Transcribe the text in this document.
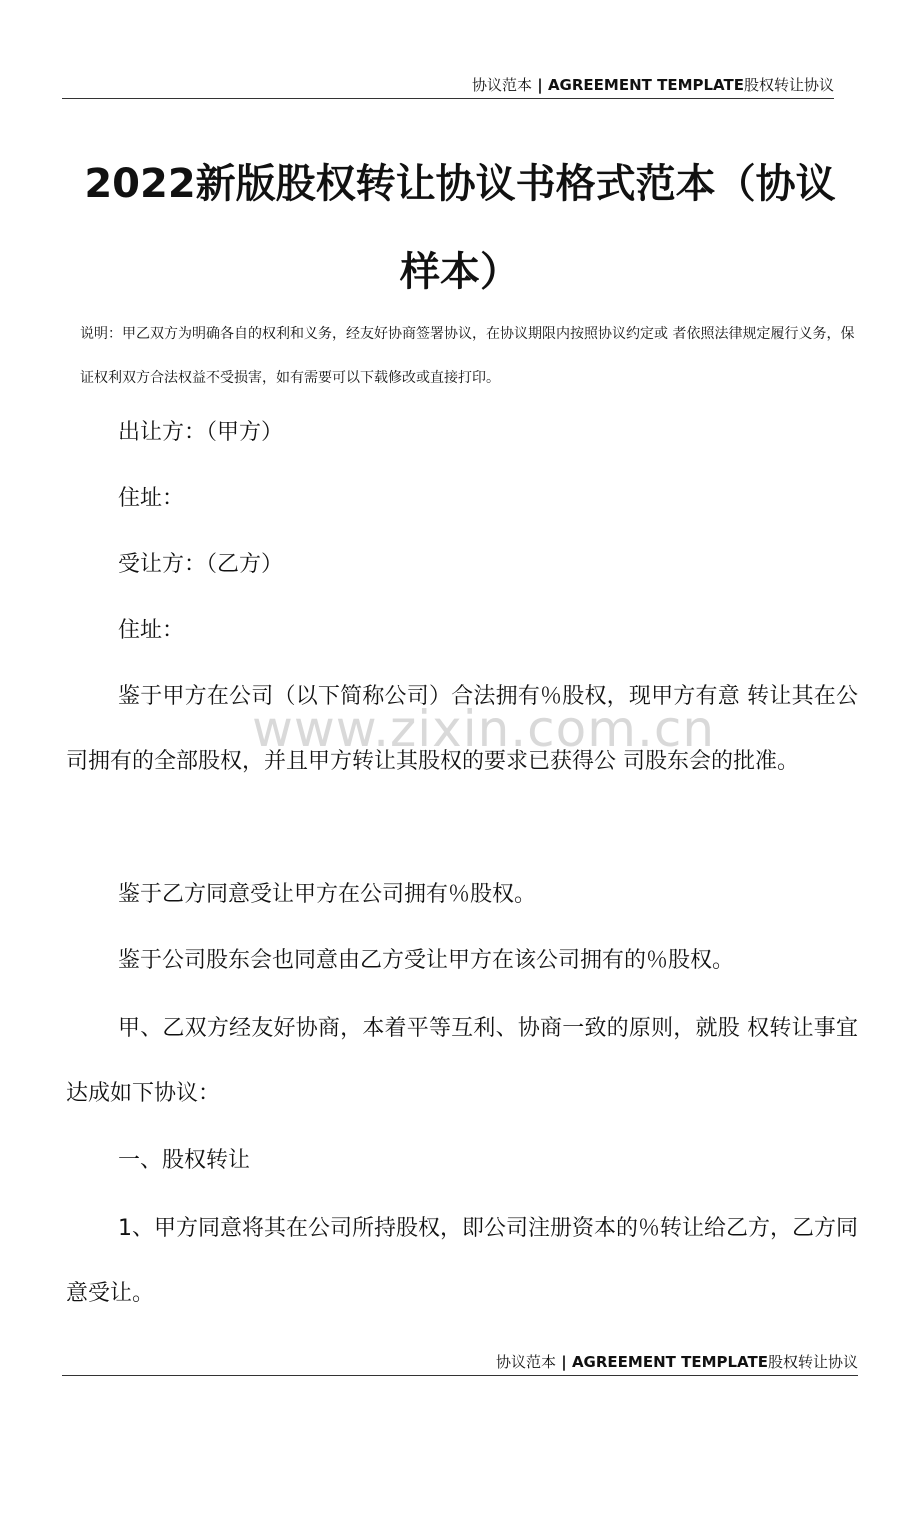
协议范本 | AGREEMENT TEMPLATE股权转让协议
2022新版股权转让协议书格式范本（协议样本）

说明：甲乙双方为明确各自的权利和义务，经友好协商签署协议，在协议期限内按照协议约定或 者依照法律规定履行义务，保证权利双方合法权益不受损害，如有需要可以下载修改或直接打印。

www.zixin.com.cn

出让方：（甲方）

住址：

受让方：（乙方）

住址：

鉴于甲方在公司（以下简称公司）合法拥有％股权，现甲方有意 转让其在公司拥有的全部股权，并且甲方转让其股权的要求已获得公 司股东会的批准。

鉴于乙方同意受让甲方在公司拥有％股权。

鉴于公司股东会也同意由乙方受让甲方在该公司拥有的％股权。

甲、乙双方经友好协商，本着平等互利、协商一致的原则，就股 权转让事宜达成如下协议：

一、股权转让

1、甲方同意将其在公司所持股权，即公司注册资本的％转让给乙方，乙方同意受让。

协议范本 | AGREEMENT TEMPLATE股权转让协议
